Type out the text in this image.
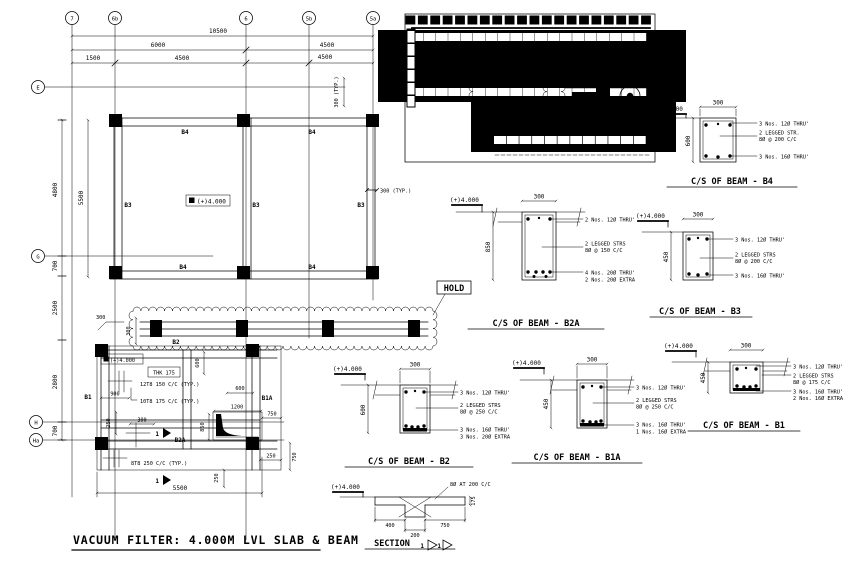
7	6b	6	5b	5a
E
G
H
Ha
10500
6000	4500
1500	4500	4500
300 (TYP.)
4800
700
2500
2800
700
5500
B4	B4
B4	B4
B3	B3	B3
(+)4.000
300 (TYP.)
B2
HOLD
300
300
(+)4.000
THK 175
12T8 150 C/C (TYP.)
10T8 175 C/C (TYP.)
900
B1
600
600
B1A
1200
750
850
250	300
B2A
1
1
8T8 250 C/C (TYP.)
250	750
250
5500
KEY PLAN	(+)4.000
300
600
3 Nos. 12Ø THRU'
2 LEGGED STR.
8Ø @ 200 C/C
3 Nos. 16Ø THRU'
C/S OF BEAM - B4
(+)4.000	300
850
2 Nos. 12Ø THRU'
2 LEGGED STRS
8Ø @ 150 C/C
4 Nos. 20Ø THRU'
2 Nos. 20Ø EXTRA
C/S OF BEAM - B2A
(+)4.000	300
450
3 Nos. 12Ø THRU'
2 LEGGED STRS
8Ø @ 200 C/C
3 Nos. 16Ø THRU'
C/S OF BEAM - B3
(+)4.000
300
600
3 Nos. 12Ø THRU'
2 LEGGED STRS
8Ø @ 250 C/C
3 Nos. 16Ø THRU'
3 Nos. 20Ø EXTRA
C/S OF BEAM - B2
(+)4.000	300
450
3 Nos. 12Ø THRU'
2 LEGGED STRS
8Ø @ 250 C/C
3 Nos. 16Ø THRU'
1 Nos. 16Ø EXTRA
C/S OF BEAM - B1A
(+)4.000	300
450
3 Nos. 12Ø THRU'
2 LEGGED STRS
8Ø @ 175 C/C
3 Nos. 16Ø THRU'
2 Nos. 16Ø EXTRA
C/S OF BEAM - B1
(+)4.000	8Ø AT 200 C/C
400	750
200
175
SECTION 1 1
VACUUM FILTER: 4.000M LVL SLAB & BEAM
